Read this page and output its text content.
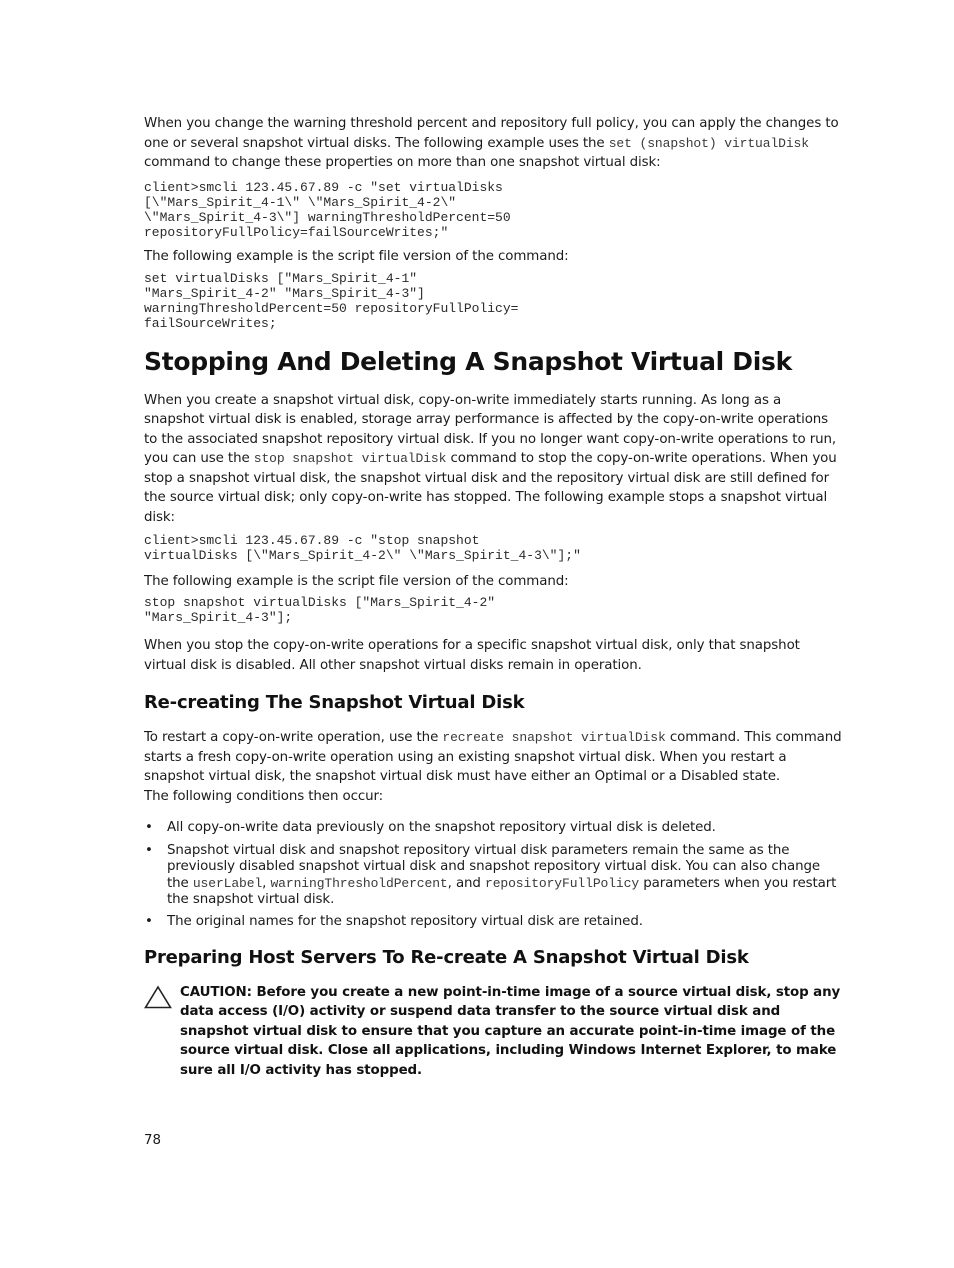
When you change the warning threshold percent and repository full policy, you can apply the changes to one or several snapshot virtual disks. The following example uses the set (snapshot) virtualDisk command to change these properties on more than one snapshot virtual disk:

client>smcli 123.45.67.89 -c "set virtualDisks
[\"Mars_Spirit_4-1\" \"Mars_Spirit_4-2\"
\"Mars_Spirit_4-3\"] warningThresholdPercent=50
repositoryFullPolicy=failSourceWrites;"

The following example is the script file version of the command:

set virtualDisks ["Mars_Spirit_4-1"
"Mars_Spirit_4-2" "Mars_Spirit_4-3"]
warningThresholdPercent=50 repositoryFullPolicy=
failSourceWrites;
Stopping And Deleting A Snapshot Virtual Disk

When you create a snapshot virtual disk, copy-on-write immediately starts running. As long as a snapshot virtual disk is enabled, storage array performance is affected by the copy-on-write operations to the associated snapshot repository virtual disk. If you no longer want copy-on-write operations to run, you can use the stop snapshot virtualDisk command to stop the copy-on-write operations. When you stop a snapshot virtual disk, the snapshot virtual disk and the repository virtual disk are still defined for the source virtual disk; only copy-on-write has stopped. The following example stops a snapshot virtual disk:

client>smcli 123.45.67.89 -c "stop snapshot
virtualDisks [\"Mars_Spirit_4-2\" \"Mars_Spirit_4-3\"];"

The following example is the script file version of the command:

stop snapshot virtualDisks ["Mars_Spirit_4-2"
"Mars_Spirit_4-3"];

When you stop the copy-on-write operations for a specific snapshot virtual disk, only that snapshot virtual disk is disabled. All other snapshot virtual disks remain in operation.

Re-creating The Snapshot Virtual Disk

To restart a copy-on-write operation, use the recreate snapshot virtualDisk command. This command starts a fresh copy-on-write operation using an existing snapshot virtual disk. When you restart a snapshot virtual disk, the snapshot virtual disk must have either an Optimal or a Disabled state.

The following conditions then occur:

• All copy-on-write data previously on the snapshot repository virtual disk is deleted.
• Snapshot virtual disk and snapshot repository virtual disk parameters remain the same as the previously disabled snapshot virtual disk and snapshot repository virtual disk. You can also change the userLabel, warningThresholdPercent, and repositoryFullPolicy parameters when you restart the snapshot virtual disk.
• The original names for the snapshot repository virtual disk are retained.
Preparing Host Servers To Re-create A Snapshot Virtual Disk
CAUTION: Before you create a new point-in-time image of a source virtual disk, stop any data access (I/O) activity or suspend data transfer to the source virtual disk and snapshot virtual disk to ensure that you capture an accurate point-in-time image of the source virtual disk. Close all applications, including Windows Internet Explorer, to make sure all I/O activity has stopped.
78
